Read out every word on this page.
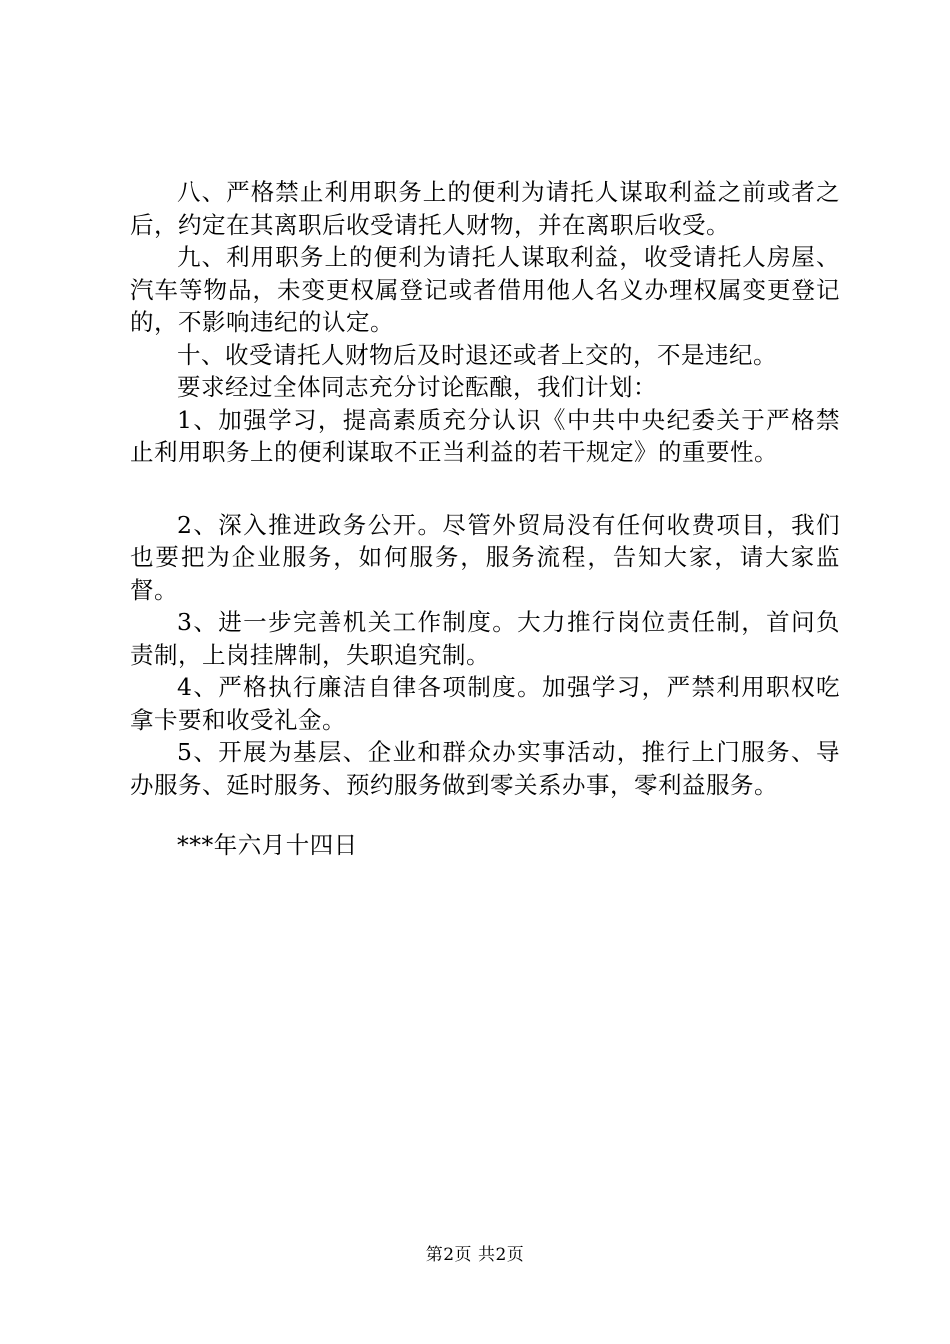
八、严格禁止利用职务上的便利为请托人谋取利益之前或者之后，约定在其离职后收受请托人财物，并在离职后收受。

九、利用职务上的便利为请托人谋取利益，收受请托人房屋、汽车等物品，未变更权属登记或者借用他人名义办理权属变更登记的，不影响违纪的认定。

十、收受请托人财物后及时退还或者上交的，不是违纪。

要求经过全体同志充分讨论酝酿，我们计划：

1、加强学习，提高素质充分认识《中共中央纪委关于严格禁止利用职务上的便利谋取不正当利益的若干规定》的重要性。

2、深入推进政务公开。尽管外贸局没有任何收费项目，我们也要把为企业服务，如何服务，服务流程，告知大家，请大家监督。

3、进一步完善机关工作制度。大力推行岗位责任制，首问负责制，上岗挂牌制，失职追究制。

4、严格执行廉洁自律各项制度。加强学习，严禁利用职权吃拿卡要和收受礼金。

5、开展为基层、企业和群众办实事活动，推行上门服务、导办服务、延时服务、预约服务做到零关系办事，零利益服务。

***年六月十四日

第2页 共2页
